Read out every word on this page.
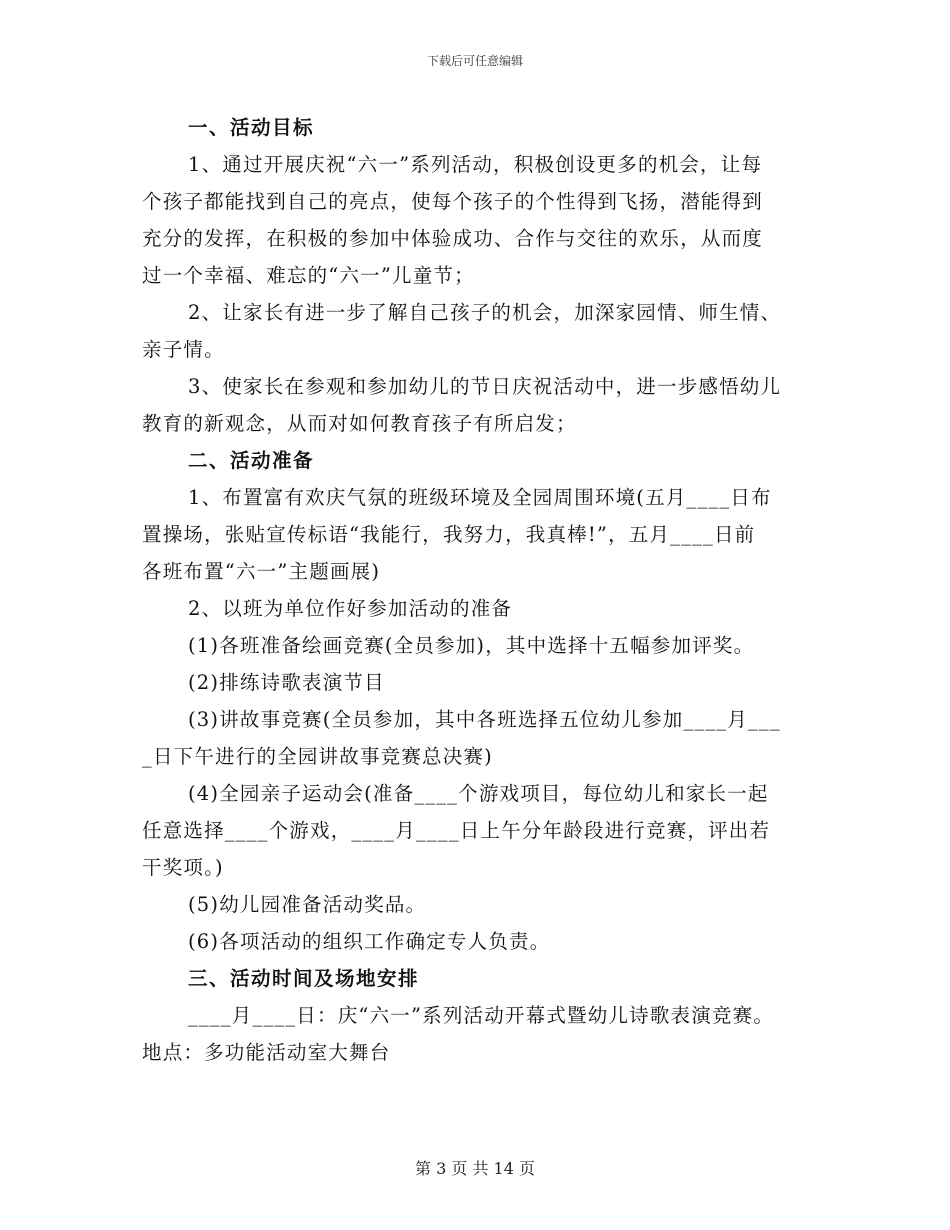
下载后可任意编辑
一、活动目标
1、通过开展庆祝“六一”系列活动，积极创设更多的机会，让每
个孩子都能找到自己的亮点，使每个孩子的个性得到飞扬，潜能得到
充分的发挥，在积极的参加中体验成功、合作与交往的欢乐，从而度
过一个幸福、难忘的“六一”儿童节；
2、让家长有进一步了解自己孩子的机会，加深家园情、师生情、
亲子情。
3、使家长在参观和参加幼儿的节日庆祝活动中，进一步感悟幼儿
教育的新观念，从而对如何教育孩子有所启发；
二、活动准备
1、布置富有欢庆气氛的班级环境及全园周围环境(五月____日布
置操场，张贴宣传标语“我能行，我努力，我真棒!”，五月____日前
各班布置“六一”主题画展)
2、以班为单位作好参加活动的准备
(1)各班准备绘画竞赛(全员参加)，其中选择十五幅参加评奖。
(2)排练诗歌表演节目
(3)讲故事竞赛(全员参加，其中各班选择五位幼儿参加____月___
_日下午进行的全园讲故事竞赛总决赛)
(4)全园亲子运动会(准备____个游戏项目，每位幼儿和家长一起
任意选择____个游戏，____月____日上午分年龄段进行竞赛，评出若
干奖项。)
(5)幼儿园准备活动奖品。
(6)各项活动的组织工作确定专人负责。
三、活动时间及场地安排
____月____日：庆“六一”系列活动开幕式暨幼儿诗歌表演竞赛。
地点：多功能活动室大舞台
第 3 页 共 14 页
